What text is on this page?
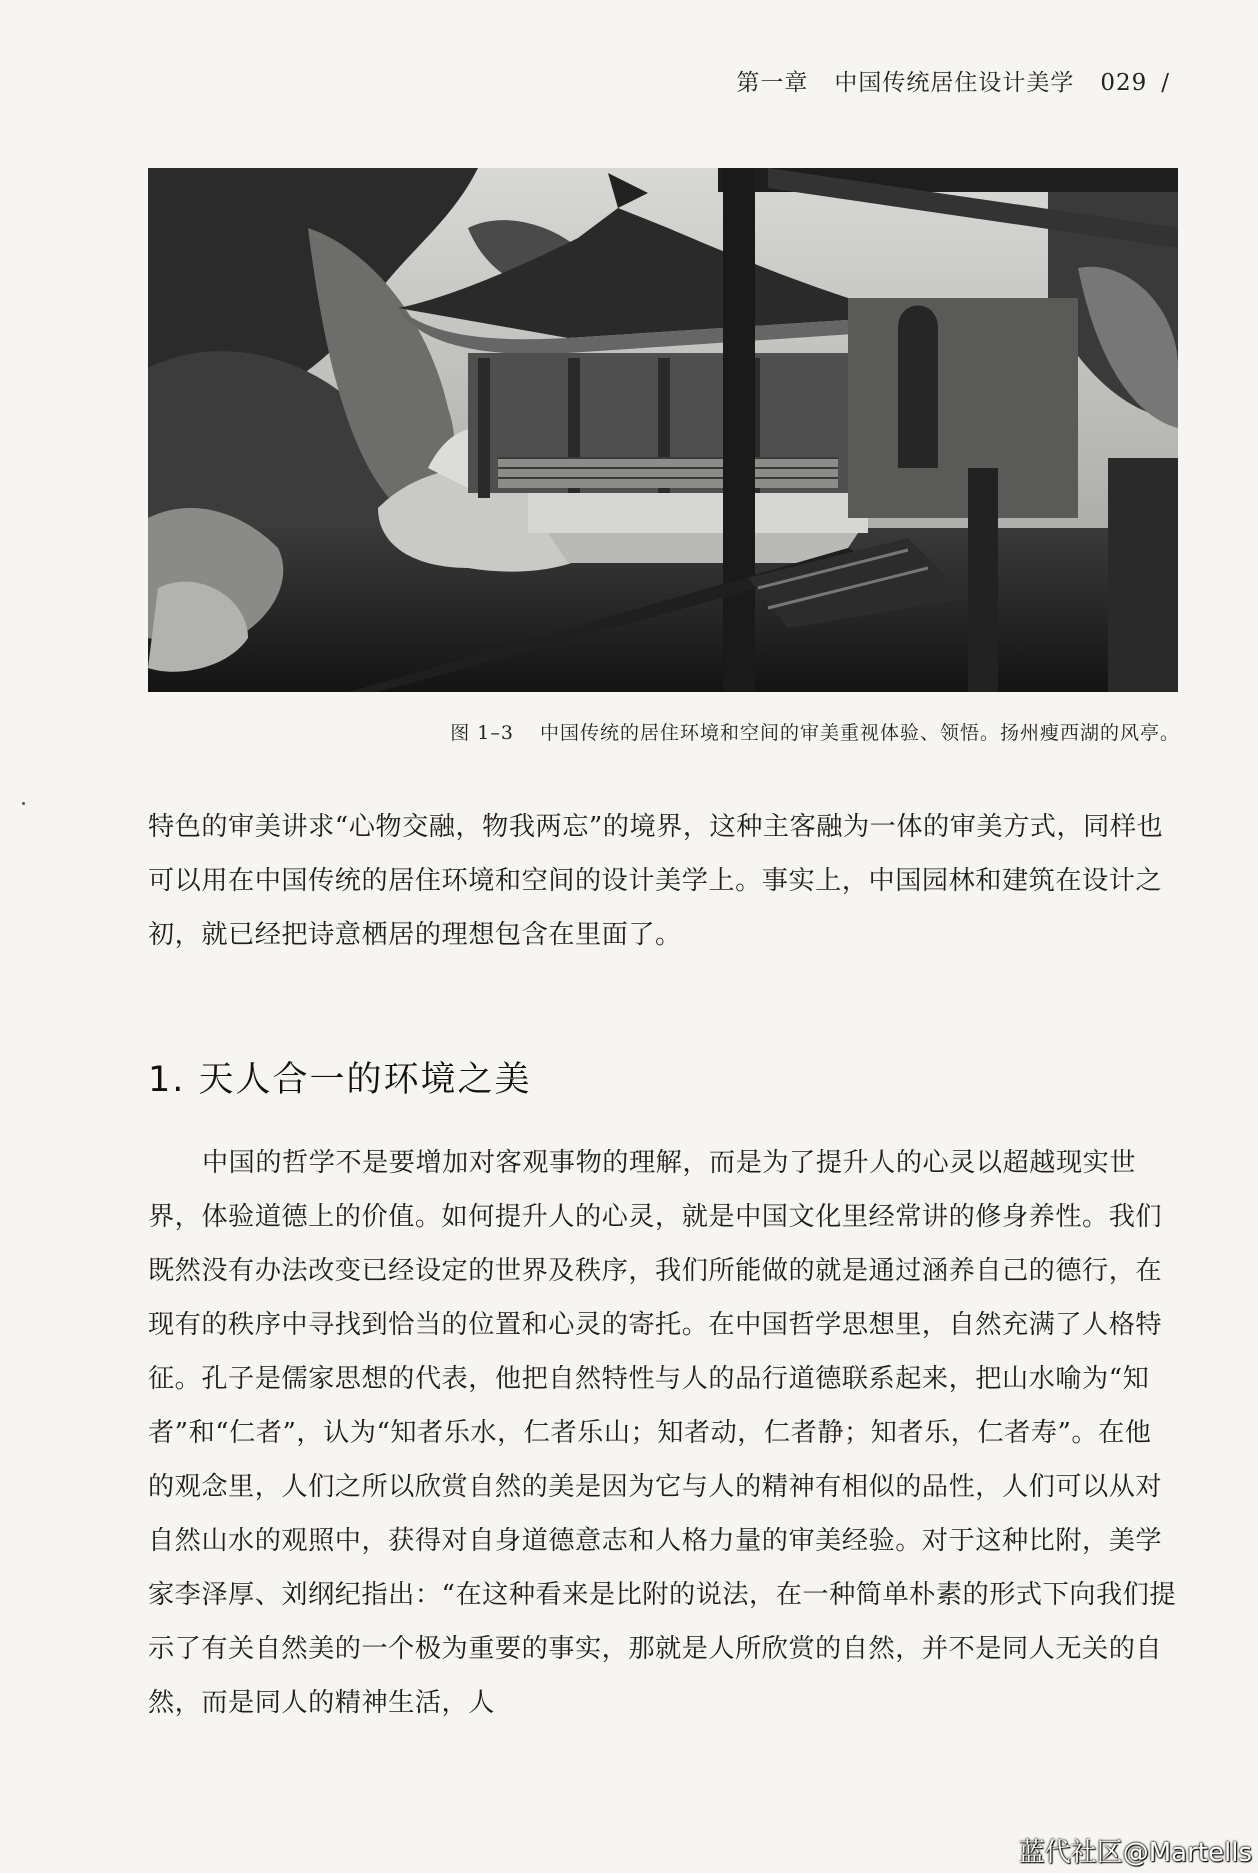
第一章 中国传统居住设计美学 029 /
图 1–3 中国传统的居住环境和空间的审美重视体验、领悟。扬州瘦西湖的风亭。

特色的审美讲求“心物交融，物我两忘”的境界，这种主客融为一体的审美方式，同样也可以用在中国传统的居住环境和空间的设计美学上。事实上，中国园林和建筑在设计之初，就已经把诗意栖居的理想包含在里面了。

1. 天人合一的环境之美

中国的哲学不是要增加对客观事物的理解，而是为了提升人的心灵以超越现实世界，体验道德上的价值。如何提升人的心灵，就是中国文化里经常讲的修身养性。我们既然没有办法改变已经设定的世界及秩序，我们所能做的就是通过涵养自己的德行，在现有的秩序中寻找到恰当的位置和心灵的寄托。在中国哲学思想里，自然充满了人格特征。孔子是儒家思想的代表，他把自然特性与人的品行道德联系起来，把山水喻为“知者”和“仁者”，认为“知者乐水，仁者乐山；知者动，仁者静；知者乐，仁者寿”。在他的观念里，人们之所以欣赏自然的美是因为它与人的精神有相似的品性，人们可以从对自然山水的观照中，获得对自身道德意志和人格力量的审美经验。对于这种比附，美学家李泽厚、刘纲纪指出：“在这种看来是比附的说法，在一种简单朴素的形式下向我们提示了有关自然美的一个极为重要的事实，那就是人所欣赏的自然，并不是同人无关的自然，而是同人的精神生活，人

蓝代社区@Martells
